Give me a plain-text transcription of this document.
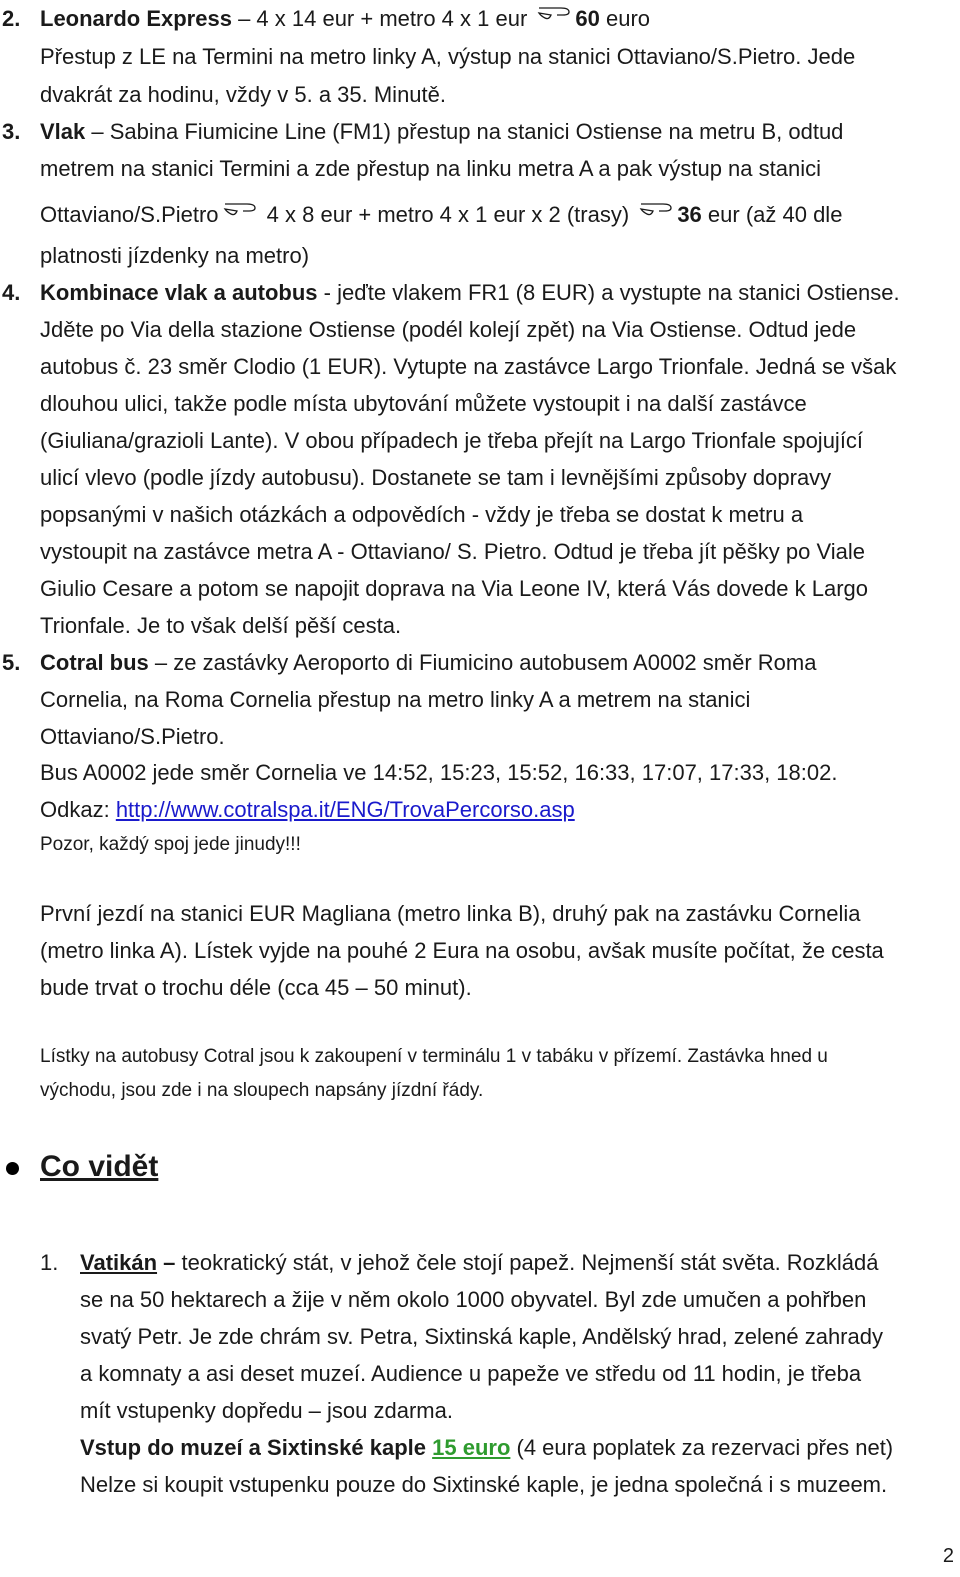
2. Leonardo Express – 4 x 14 eur + metro 4 x 1 eur 60 euro
Přestup z LE na Termini na metro linky A, výstup na stanici Ottaviano/S.Pietro. Jede
dvakrát za hodinu, vždy v 5. a 35. Minutě.
3. Vlak – Sabina Fiumicine Line (FM1) přestup na stanici Ostiense na metru B, odtud
metrem na stanici Termini a zde přestup na linku metra A a pak výstup na stanici
Ottaviano/S.Pietro 4 x 8 eur + metro 4 x 1 eur x 2 (trasy) 36 eur (až 40 dle
platnosti jízdenky na metro)
4. Kombinace vlak a autobus - jeďte vlakem FR1 (8 EUR) a vystupte na stanici Ostiense.
Jděte po Via della stazione Ostiense (podél kolejí zpět) na Via Ostiense. Odtud jede
autobus č. 23 směr Clodio (1 EUR). Vytupte na zastávce Largo Trionfale. Jedná se však
dlouhou ulici, takže podle místa ubytování můžete vystoupit i na další zastávce
(Giuliana/grazioli Lante). V obou případech je třeba přejít na Largo Trionfale spojující
ulicí vlevo (podle jízdy autobusu). Dostanete se tam i levnějšími způsoby dopravy
popsanými v našich otázkách a odpovědích - vždy je třeba se dostat k metru a
vystoupit na zastávce metra A - Ottaviano/ S. Pietro. Odtud je třeba jít pěšky po Viale
Giulio Cesare a potom se napojit doprava na Via Leone IV, která Vás dovede k Largo
Trionfale. Je to však delší pěší cesta.
5. Cotral bus – ze zastávky Aeroporto di Fiumicino autobusem A0002 směr Roma
Cornelia, na Roma Cornelia přestup na metro linky A a metrem na stanici
Ottaviano/S.Pietro.
Bus A0002 jede směr Cornelia ve 14:52, 15:23, 15:52, 16:33, 17:07, 17:33, 18:02.
Odkaz: http://www.cotralspa.it/ENG/TrovaPercorso.asp
Pozor, každý spoj jede jinudy!!!
První jezdí na stanici EUR Magliana (metro linka B), druhý pak na zastávku Cornelia
(metro linka A). Lístek vyjde na pouhé 2 Eura na osobu, avšak musíte počítat, že cesta
bude trvat o trochu déle (cca 45 – 50 minut).
Lístky na autobusy Cotral jsou k zakoupení v terminálu 1 v tabáku v přízemí. Zastávka hned u
východu, jsou zde i na sloupech napsány jízdní řády.
Co vidět
1. Vatikán – teokratický stát, v jehož čele stojí papež. Nejmenší stát světa. Rozkládá
se na 50 hektarech a žije v něm okolo 1000 obyvatel. Byl zde umučen a pohřben
svatý Petr. Je zde chrám sv. Petra, Sixtinská kaple, Andělský hrad, zelené zahrady
a komnaty a asi deset muzeí. Audience u papeže ve středu od 11 hodin, je třeba
mít vstupenky dopředu – jsou zdarma.
Vstup do muzeí a Sixtinské kaple 15 euro (4 eura poplatek za rezervaci přes net)
Nelze si koupit vstupenku pouze do Sixtinské kaple, je jedna společná i s muzeem.
2
